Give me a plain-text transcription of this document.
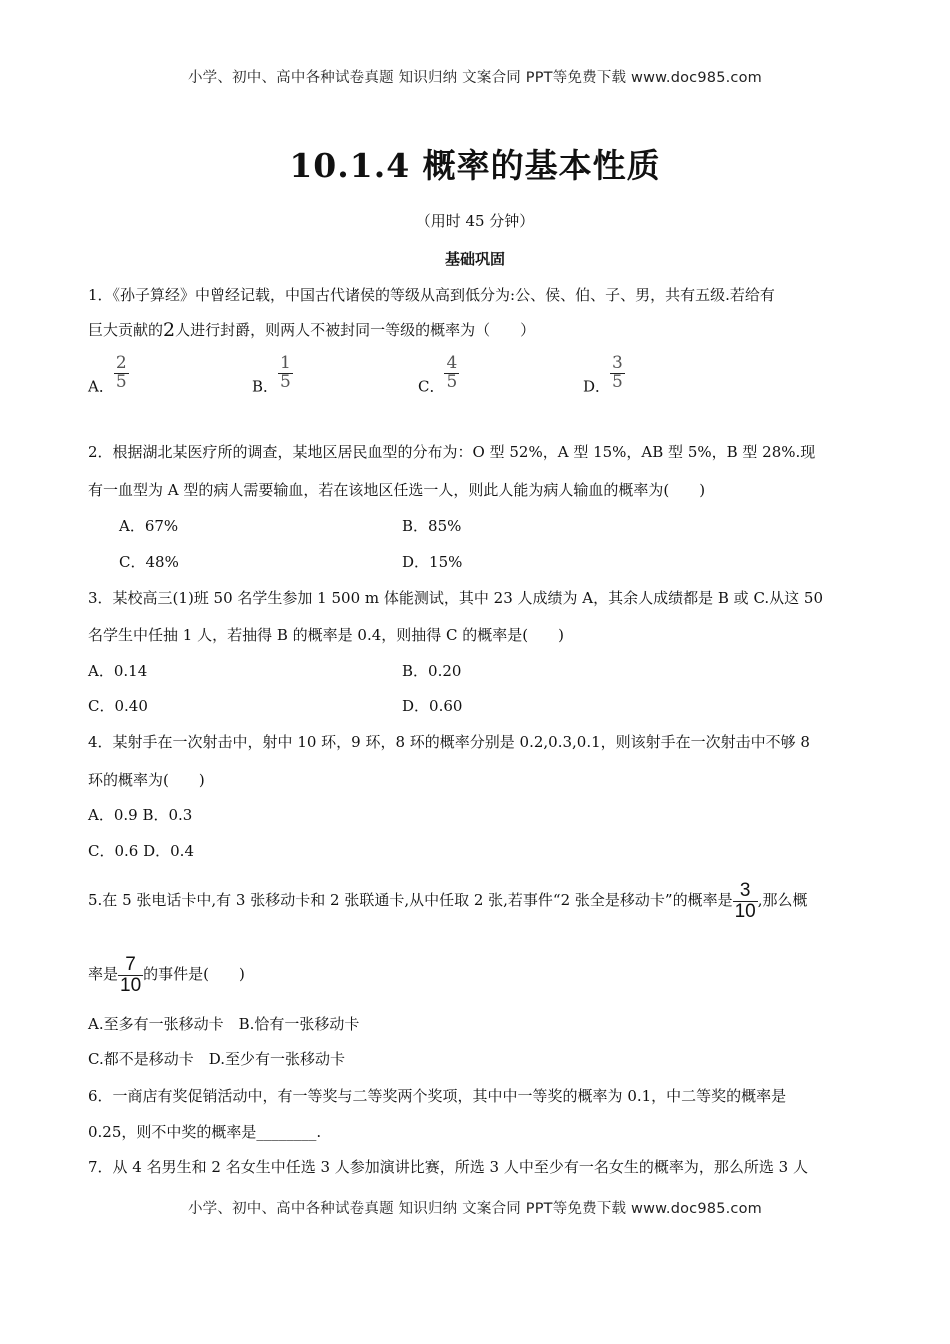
小学、初中、高中各种试卷真题 知识归纳 文案合同 PPT等免费下载 www.doc985.com
10.1.4 概率的基本性质
（用时 45 分钟）
基础巩固
1．《孙子算经》中曾经记载，中国古代诸侯的等级从高到低分为:公、侯、伯、子、男，共有五级.若给有
巨大贡献的2人进行封爵，则两人不被封同一等级的概率为（　　）
A． $\frac{2}{5}$	B． $\frac{1}{5}$	C． $\frac{4}{5}$	D． $\frac{3}{5}$
2．根据湖北某医疗所的调查，某地区居民血型的分布为：O 型 52%，A 型 15%，AB 型 5%，B 型 28%.现
有一血型为 A 型的病人需要输血，若在该地区任选一人，则此人能为病人输血的概率为(　　)
A．67%	B．85%
C．48%	D．15%
3．某校高三(1)班 50 名学生参加 1 500 m 体能测试，其中 23 人成绩为 A，其余人成绩都是 B 或 C.从这 50
名学生中任抽 1 人，若抽得 B 的概率是 0.4，则抽得 C 的概率是(　　)
A．0.14	B．0.20
C．0.40	D．0.60
4．某射手在一次射击中，射中 10 环，9 环，8 环的概率分别是 0.2,0.3,0.1，则该射手在一次射击中不够 8
环的概率为(　　)
A．0.9 B．0.3
C．0.6 D．0.4
5.在 5 张电话卡中,有 3 张移动卡和 2 张联通卡,从中任取 2 张,若事件“2 张全是移动卡”的概率是 $\frac{3}{10}$ ,那么概
率是 $\frac{7}{10}$ 的事件是(　　)
A.至多有一张移动卡　B.恰有一张移动卡
C.都不是移动卡　D.至少有一张移动卡
6．一商店有奖促销活动中，有一等奖与二等奖两个奖项，其中中一等奖的概率为 0.1，中二等奖的概率是
0.25，则不中奖的概率是________.
7．从 4 名男生和 2 名女生中任选 3 人参加演讲比赛，所选 3 人中至少有一名女生的概率为，那么所选 3 人
小学、初中、高中各种试卷真题 知识归纳 文案合同 PPT等免费下载 www.doc985.com
